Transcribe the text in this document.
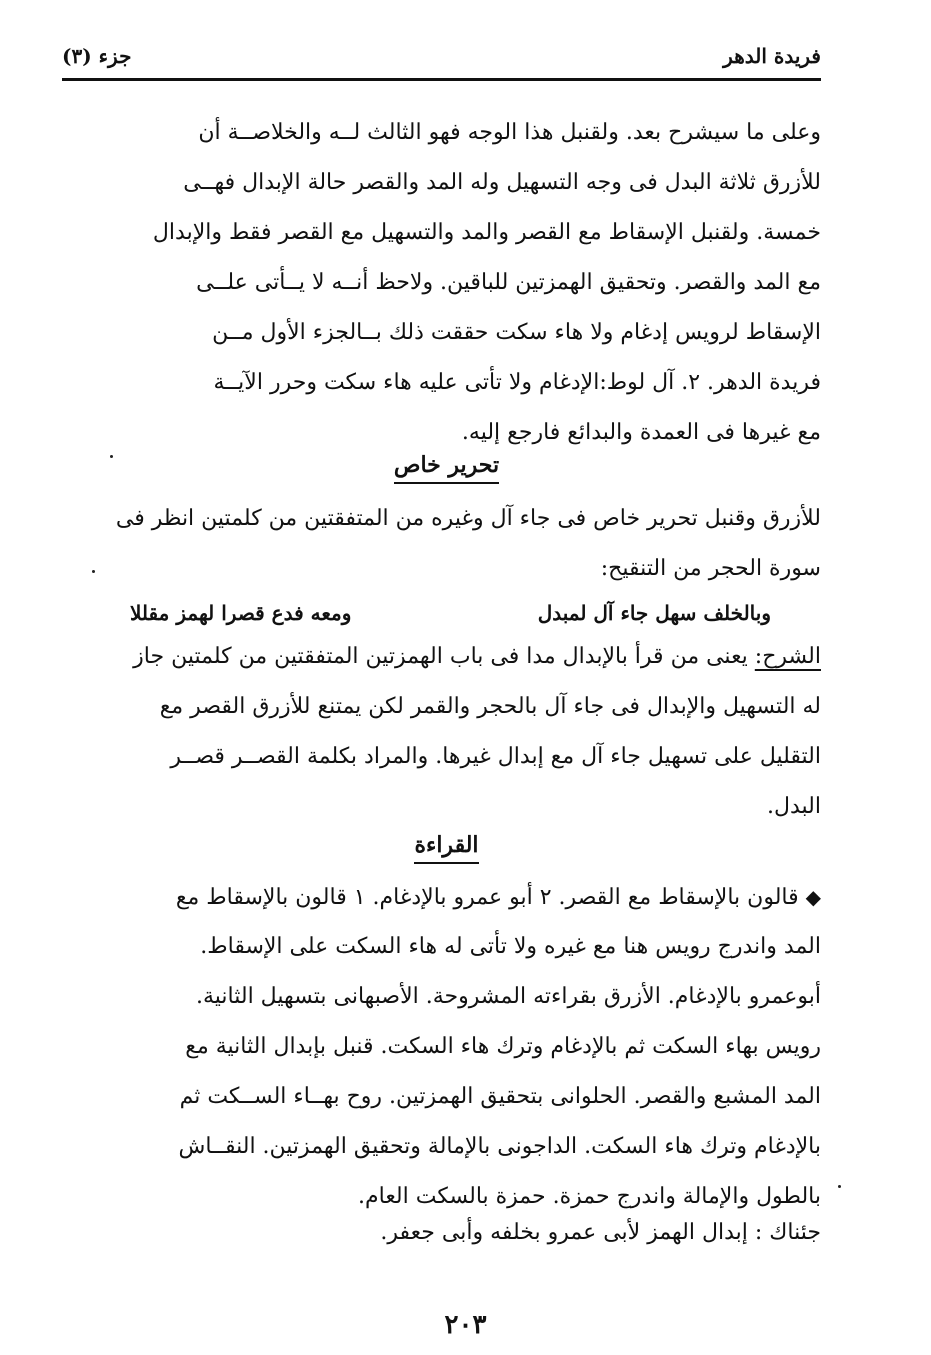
فريدة الدهر
جزء (٣)
وعلى ما سيشرح بعد. ولقنبل هذا الوجه فهو الثالث لــه والخلاصــة أن
للأزرق ثلاثة البدل فى وجه التسهيل وله المد والقصر حالة الإبدال فهــى
خمسة. ولقنبل الإسقاط مع القصر والمد والتسهيل مع القصر فقط والإبدال
مع المد والقصر. وتحقيق الهمزتين للباقين. ولاحظ أنــه لا يــأتى علــى
الإسقاط لرويس إدغام ولا هاء سكت حققت ذلك بــالجزء الأول مــن
فريدة الدهر. ٢. آل لوط:الإدغام ولا تأتى عليه هاء سكت وحرر الآيــة
مع غيرها فى العمدة والبدائع فارجع إليه.
تحرير خاص
للأزرق وقنبل تحرير خاص فى جاء آل وغيره من المتفقتين من كلمتين انظر فى
سورة الحجر من التنقيح:
وبالخلف سهل جاء آل لمبدل
ومعه فدع قصرا لهمز مقللا
الشرح: يعنى من قرأ بالإبدال مدا فى باب الهمزتين المتفقتين من كلمتين جاز
له التسهيل والإبدال فى جاء آل بالحجر والقمر لكن يمتنع للأزرق القصر مع
التقليل على تسهيل جاء آل مع إبدال غيرها. والمراد بكلمة القصــر قصــر
البدل.
القراءة
◆ قالون بالإسقاط مع القصر. ٢ أبو عمرو بالإدغام. ١ قالون بالإسقاط مع
المد واندرج رويس هنا مع غيره ولا تأتى له هاء السكت على الإسقاط.
أبوعمرو بالإدغام. الأزرق بقراءته المشروحة. الأصبهانى بتسهيل الثانية.
رويس بهاء السكت ثم بالإدغام وترك هاء السكت. قنبل بإبدال الثانية مع
المد المشبع والقصر. الحلوانى بتحقيق الهمزتين. روح بهــاء الســكت ثم
بالإدغام وترك هاء السكت. الداجونى بالإمالة وتحقيق الهمزتين. النقــاش
بالطول والإمالة واندرج حمزة. حمزة بالسكت العام.
جئناك : إبدال الهمز لأبى عمرو بخلفه وأبى جعفر.
٢٠٣
